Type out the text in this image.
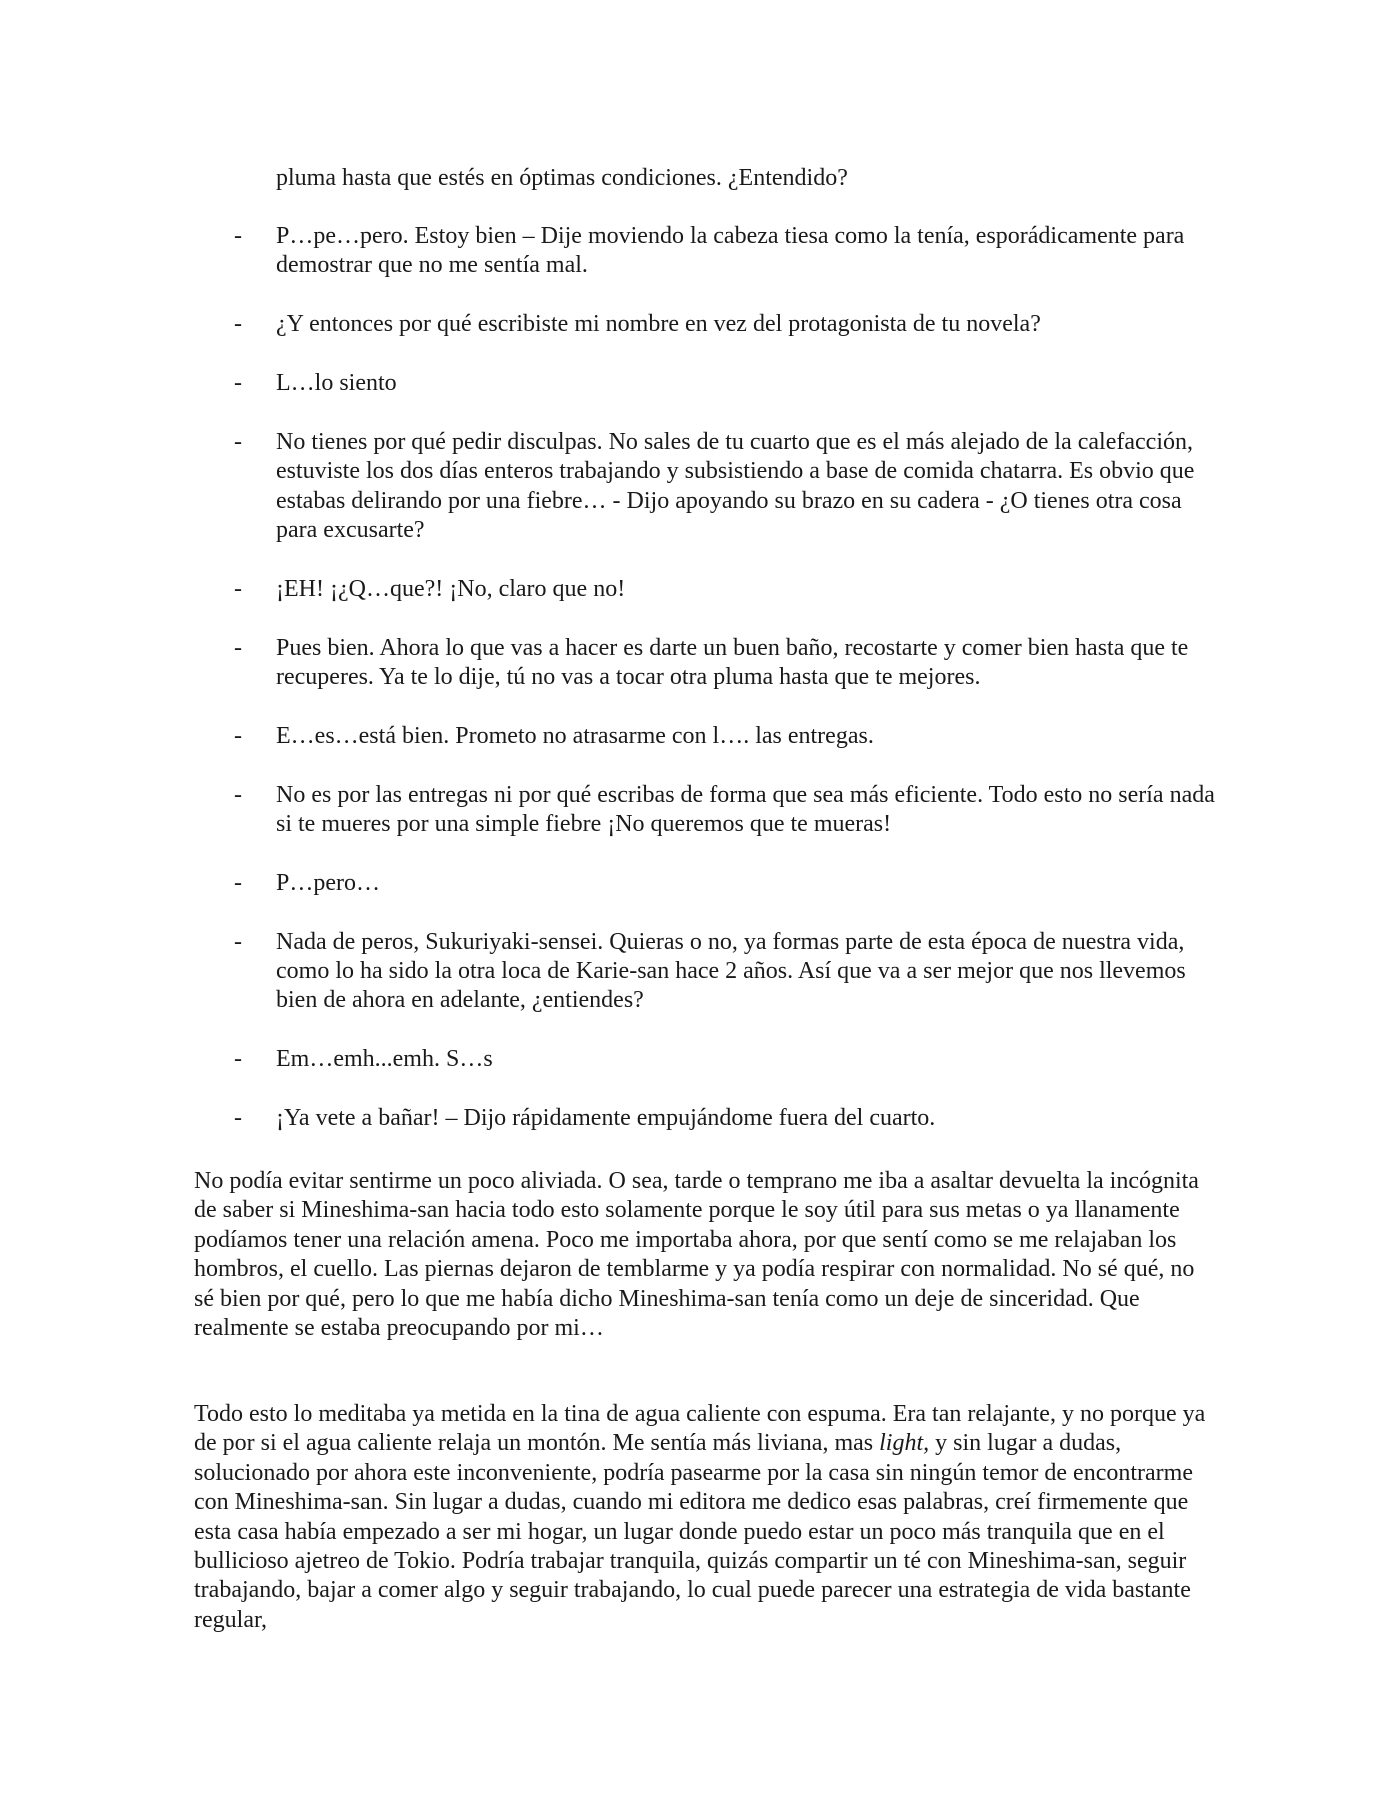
pluma hasta que estés en óptimas condiciones. ¿Entendido?

- P…pe…pero. Estoy bien – Dije moviendo la cabeza tiesa como la tenía, esporádicamente para demostrar que no me sentía mal.
- ¿Y entonces por qué escribiste mi nombre en vez del protagonista de tu novela?
- L…lo siento
- No tienes por qué pedir disculpas. No sales de tu cuarto que es el más alejado de la calefacción, estuviste los dos días enteros trabajando y subsistiendo a base de comida chatarra. Es obvio que estabas delirando por una fiebre… - Dijo apoyando su brazo en su cadera - ¿O tienes otra cosa para excusarte?
- ¡EH! ¡¿Q…que?! ¡No, claro que no!
- Pues bien. Ahora lo que vas a hacer es darte un buen baño, recostarte y comer bien hasta que te recuperes. Ya te lo dije, tú no vas a tocar otra pluma hasta que te mejores.
- E…es…está bien. Prometo no atrasarme con l…. las entregas.
- No es por las entregas ni por qué escribas de forma que sea más eficiente. Todo esto no sería nada si te mueres por una simple fiebre ¡No queremos que te mueras!
- P…pero…
- Nada de peros, Sukuriyaki-sensei. Quieras o no, ya formas parte de esta época de nuestra vida, como lo ha sido la otra loca de Karie-san hace 2 años. Así que va a ser mejor que nos llevemos bien de ahora en adelante, ¿entiendes?
- Em…emh...emh. S…s
- ¡Ya vete a bañar! – Dijo rápidamente empujándome fuera del cuarto.

No podía evitar sentirme un poco aliviada. O sea, tarde o temprano me iba a asaltar devuelta la incógnita de saber si Mineshima-san hacia todo esto solamente porque le soy útil para sus metas o ya llanamente podíamos tener una relación amena. Poco me importaba ahora, por que sentí como se me relajaban los hombros, el cuello. Las piernas dejaron de temblarme y ya podía respirar con normalidad. No sé qué, no sé bien por qué, pero lo que me había dicho Mineshima-san tenía como un deje de sinceridad. Que realmente se estaba preocupando por mi…

Todo esto lo meditaba ya metida en la tina de agua caliente con espuma. Era tan relajante, y no porque ya de por si el agua caliente relaja un montón. Me sentía más liviana, mas light, y sin lugar a dudas, solucionado por ahora este inconveniente, podría pasearme por la casa sin ningún temor de encontrarme con Mineshima-san. Sin lugar a dudas, cuando mi editora me dedico esas palabras, creí firmemente que esta casa había empezado a ser mi hogar, un lugar donde puedo estar un poco más tranquila que en el bullicioso ajetreo de Tokio. Podría trabajar tranquila, quizás compartir un té con Mineshima-san, seguir trabajando, bajar a comer algo y seguir trabajando, lo cual puede parecer una estrategia de vida bastante regular,
